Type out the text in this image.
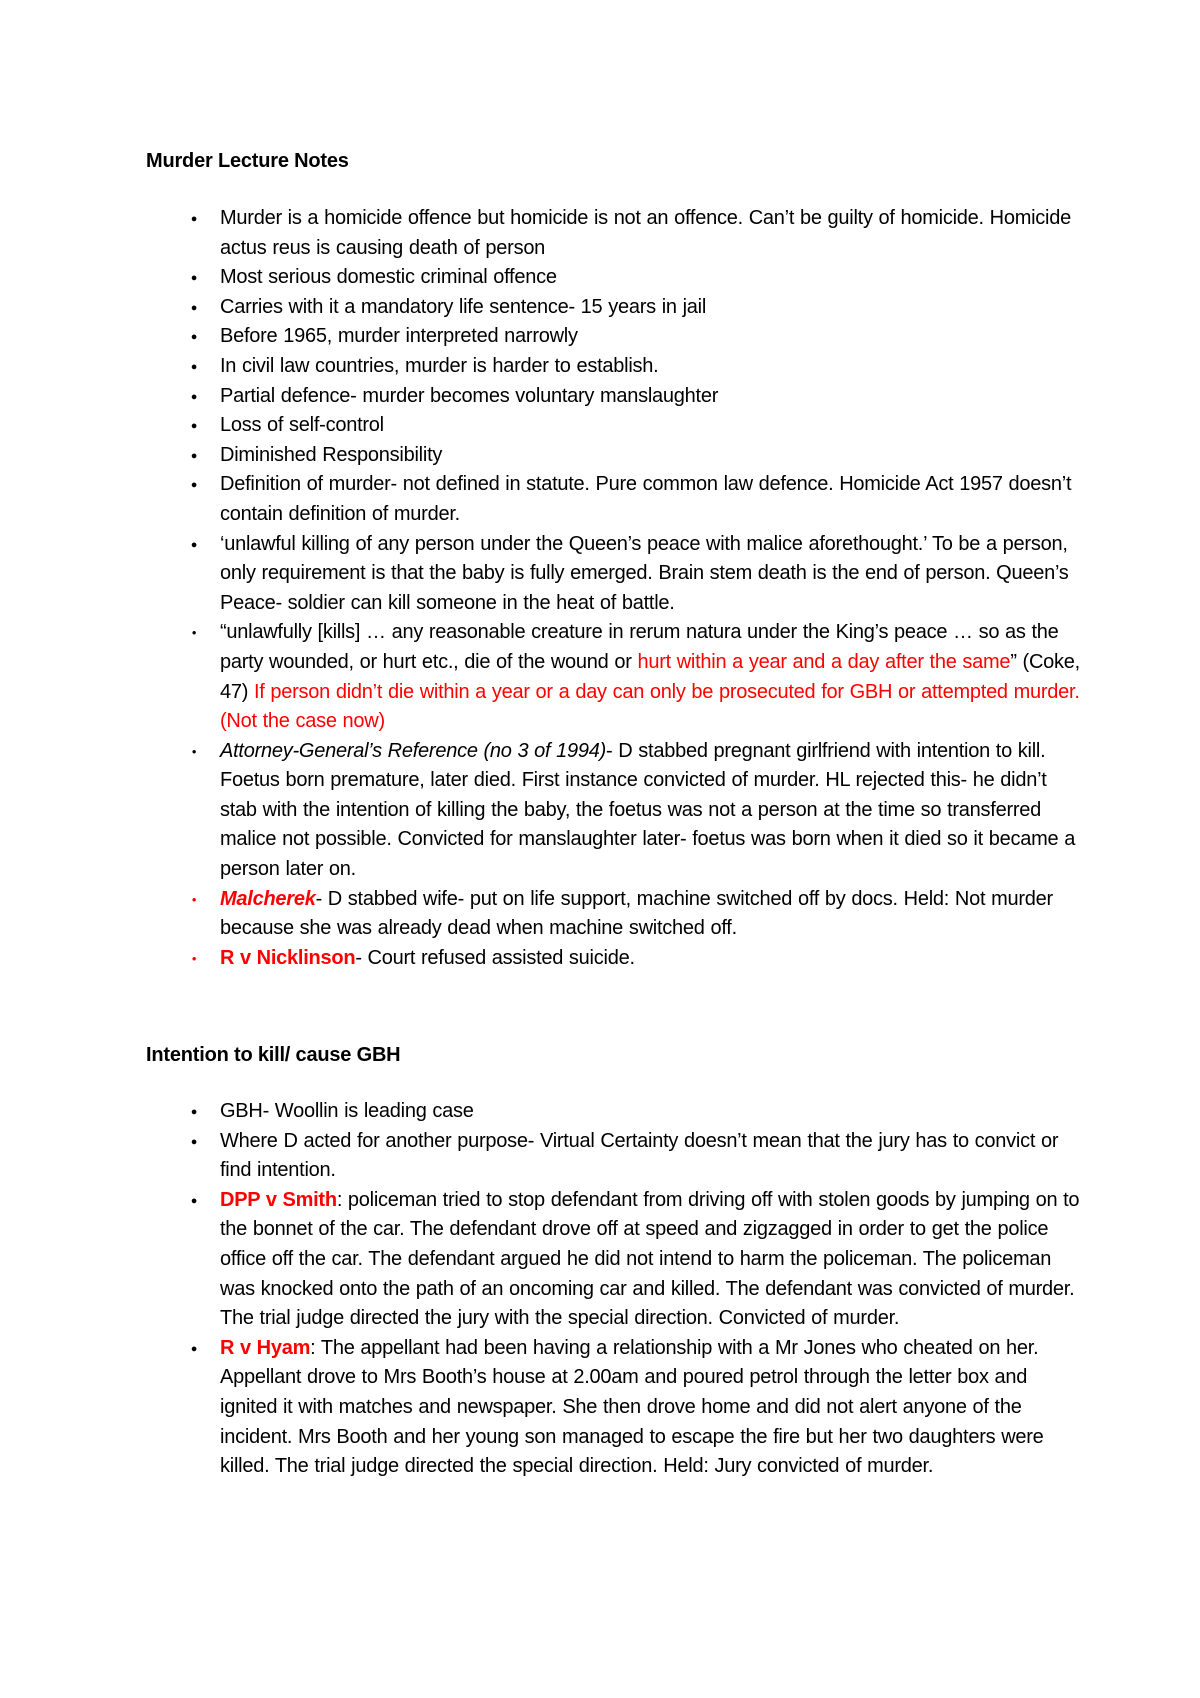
Murder Lecture Notes
●
Murder is a homicide offence but homicide is not an offence. Can’t be guilty of homicide. Homicide actus reus is causing death of person
●
Most serious domestic criminal offence
●
Carries with it a mandatory life sentence- 15 years in jail
●
Before 1965, murder interpreted narrowly
●
In civil law countries, murder is harder to establish.
●
Partial defence- murder becomes voluntary manslaughter
●
Loss of self-control
●
Diminished Responsibility
●
Definition of murder- not defined in statute. Pure common law defence. Homicide Act 1957 doesn’t contain definition of murder.
●
‘unlawful killing of any person under the Queen’s peace with malice aforethought.’ To be a person, only requirement is that the baby is fully emerged. Brain stem death is the end of person. Queen’s Peace- soldier can kill someone in the heat of battle.
•
“unlawfully [kills] … any reasonable creature in rerum natura under the King’s peace … so as the party wounded, or hurt etc., die of the wound or hurt within a year and a day after the same” (Coke, 47) If person didn’t die within a year or a day can only be prosecuted for GBH or attempted murder. (Not the case now)
•
Attorney-General’s Reference (no 3 of 1994)- D stabbed pregnant girlfriend with intention to kill. Foetus born premature, later died. First instance convicted of murder. HL rejected this- he didn’t stab with the intention of killing the baby, the foetus was not a person at the time so transferred malice not possible. Convicted for manslaughter later- foetus was born when it died so it became a person later on.
•
Malcherek- D stabbed wife- put on life support, machine switched off by docs. Held: Not murder because she was already dead when machine switched off.
•
R v Nicklinson- Court refused assisted suicide.
Intention to kill/ cause GBH
●
GBH- Woollin is leading case
●
Where D acted for another purpose- Virtual Certainty doesn’t mean that the jury has to convict or find intention.
●
DPP v Smith: policeman tried to stop defendant from driving off with stolen goods by jumping on to the bonnet of the car. The defendant drove off at speed and zigzagged in order to get the police office off the car. The defendant argued he did not intend to harm the policeman. The policeman was knocked onto the path of an oncoming car and killed. The defendant was convicted of murder. The trial judge directed the jury with the special direction. Convicted of murder.
●
R v Hyam: The appellant had been having a relationship with a Mr Jones who cheated on her. Appellant drove to Mrs Booth’s house at 2.00am and poured petrol through the letter box and ignited it with matches and newspaper. She then drove home and did not alert anyone of the incident. Mrs Booth and her young son managed to escape the fire but her two daughters were killed. The trial judge directed the special direction. Held: Jury convicted of murder.
